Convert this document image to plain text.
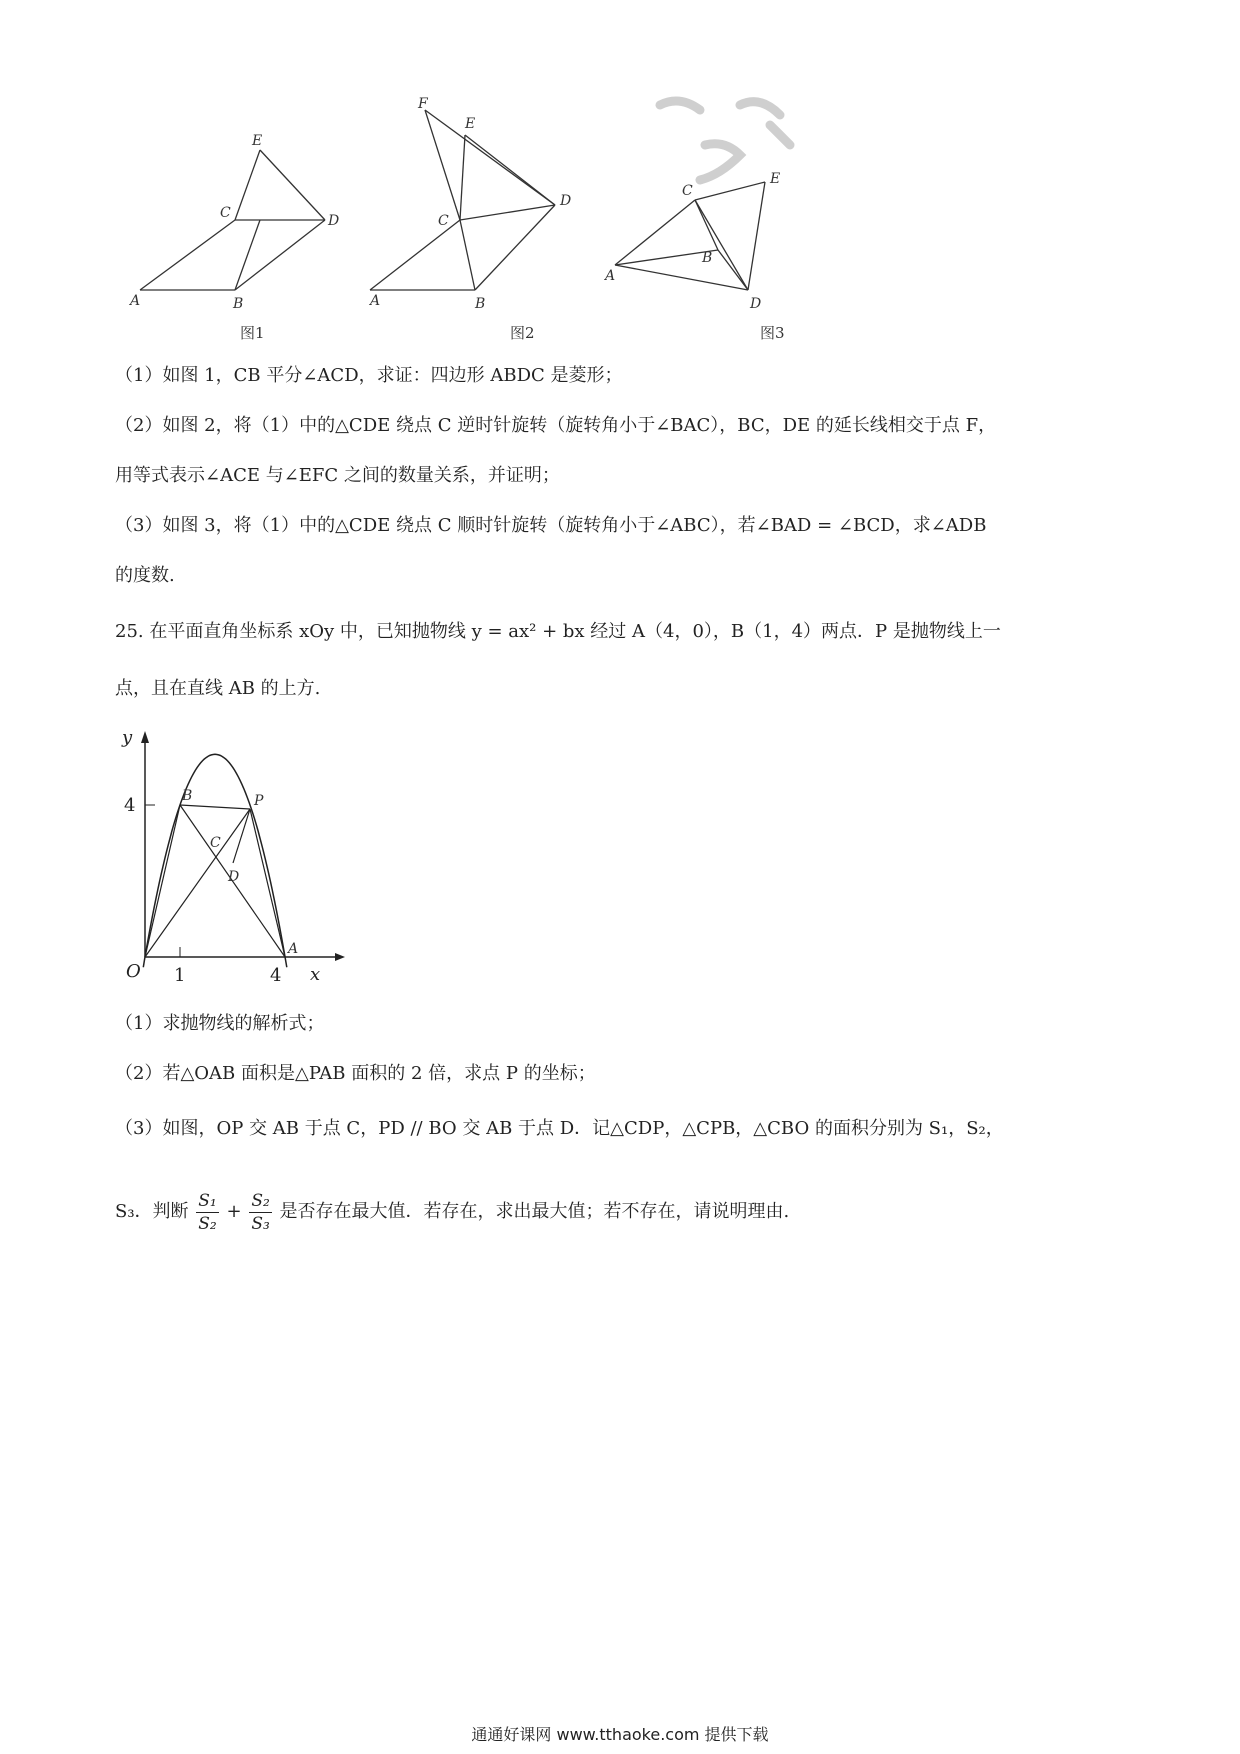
A	B
C	D
E
A	B
C
D
E
F
A
B
C
D
E
图1	图2	图3
（1）如图 1，CB 平分∠ACD，求证：四边形 ABDC 是菱形；
（2）如图 2，将（1）中的△CDE 绕点 C 逆时针旋转（旋转角小于∠BAC），BC，DE 的延长线相交于点 F，
用等式表示∠ACE 与∠EFC 之间的数量关系，并证明；
（3）如图 3，将（1）中的△CDE 绕点 C 顺时针旋转（旋转角小于∠ABC），若∠BAD = ∠BCD，求∠ADB
的度数.
25. 在平面直角坐标系 xOy 中，已知抛物线 y = ax² + bx 经过 A（4，0），B（1，4）两点．P 是抛物线上一
点，且在直线 AB 的上方.
y
x
O 1	4
4	B	P
C
D
A
（1）求抛物线的解析式；
（2）若△OAB 面积是△PAB 面积的 2 倍，求点 P 的坐标；
（3）如图，OP 交 AB 于点 C，PD // BO 交 AB 于点 D．记△CDP，△CPB，△CBO 的面积分别为 S₁，S₂，
S₃．判断 $\frac{\text{S₁}}{\text{S₂}} + \frac{\text{S₂}}{\text{S₃}}$ 是否存在最大值．若存在，求出最大值；若不存在，请说明理由.
通通好课网 www.tthaoke.com 提供下载
